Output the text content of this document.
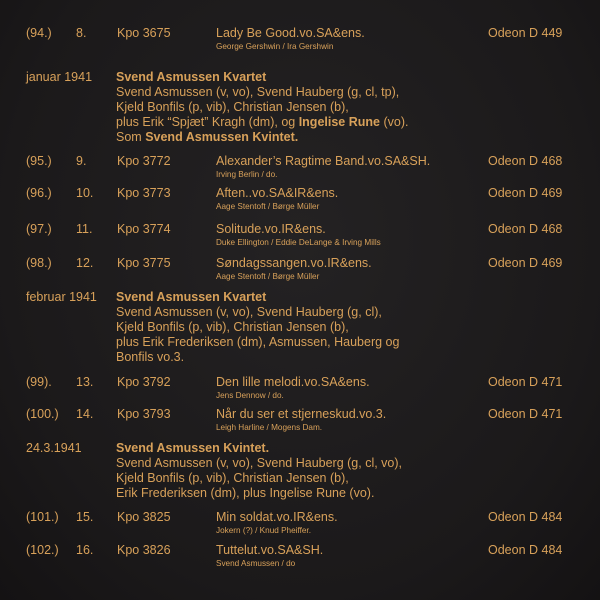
(94.) 8. Kpo 3675	Lady Be Good.vo.SA&ens.	Odeon D 449
George Gershwin / Ira Gershwin
januar 1941 Svend Asmussen Kvartet
Svend Asmussen (v, vo), Svend Hauberg (g, cl, tp),
Kjeld Bonfils (p, vib), Christian Jensen (b),
plus Erik “Spjæt” Kragh (dm), og Ingelise Rune (vo).
Som Svend Asmussen Kvintet.
(95.) 9. Kpo 3772	Alexander’s Ragtime Band.vo.SA&SH.	Odeon D 468
Irving Berlin / do.
(96.) 10. Kpo 3773	Aften..vo.SA&IR&ens.	Odeon D 469
Aage Stentoft / Børge Müller
(97.) 11. Kpo 3774	Solitude.vo.IR&ens.	Odeon D 468
Duke Ellington / Eddie DeLange & Irving Mills
(98.) 12. Kpo 3775	Søndagssangen.vo.IR&ens.	Odeon D 469
Aage Stentoft / Børge Müller
februar 1941 Svend Asmussen Kvartet
Svend Asmussen (v, vo), Svend Hauberg (g, cl),
Kjeld Bonfils (p, vib), Christian Jensen (b),
plus Erik Frederiksen (dm), Asmussen, Hauberg og
Bonfils vo.3.
(99). 13. Kpo 3792	Den lille melodi.vo.SA&ens.	Odeon D 471
Jens Dennow / do.
(100.) 14. Kpo 3793	Når du ser et stjerneskud.vo.3.	Odeon D 471
Leigh Harline / Mogens Dam.
24.3.1941	Svend Asmussen Kvintet.
Svend Asmussen (v, vo), Svend Hauberg (g, cl, vo),
Kjeld Bonfils (p, vib), Christian Jensen (b),
Erik Frederiksen (dm), plus Ingelise Rune (vo).
(101.) 15. Kpo 3825	Min soldat.vo.IR&ens.	Odeon D 484
Jokern (?) / Knud Pheiffer.
(102.) 16. Kpo 3826	Tuttelut.vo.SA&SH.	Odeon D 484
Svend Asmussen / do
